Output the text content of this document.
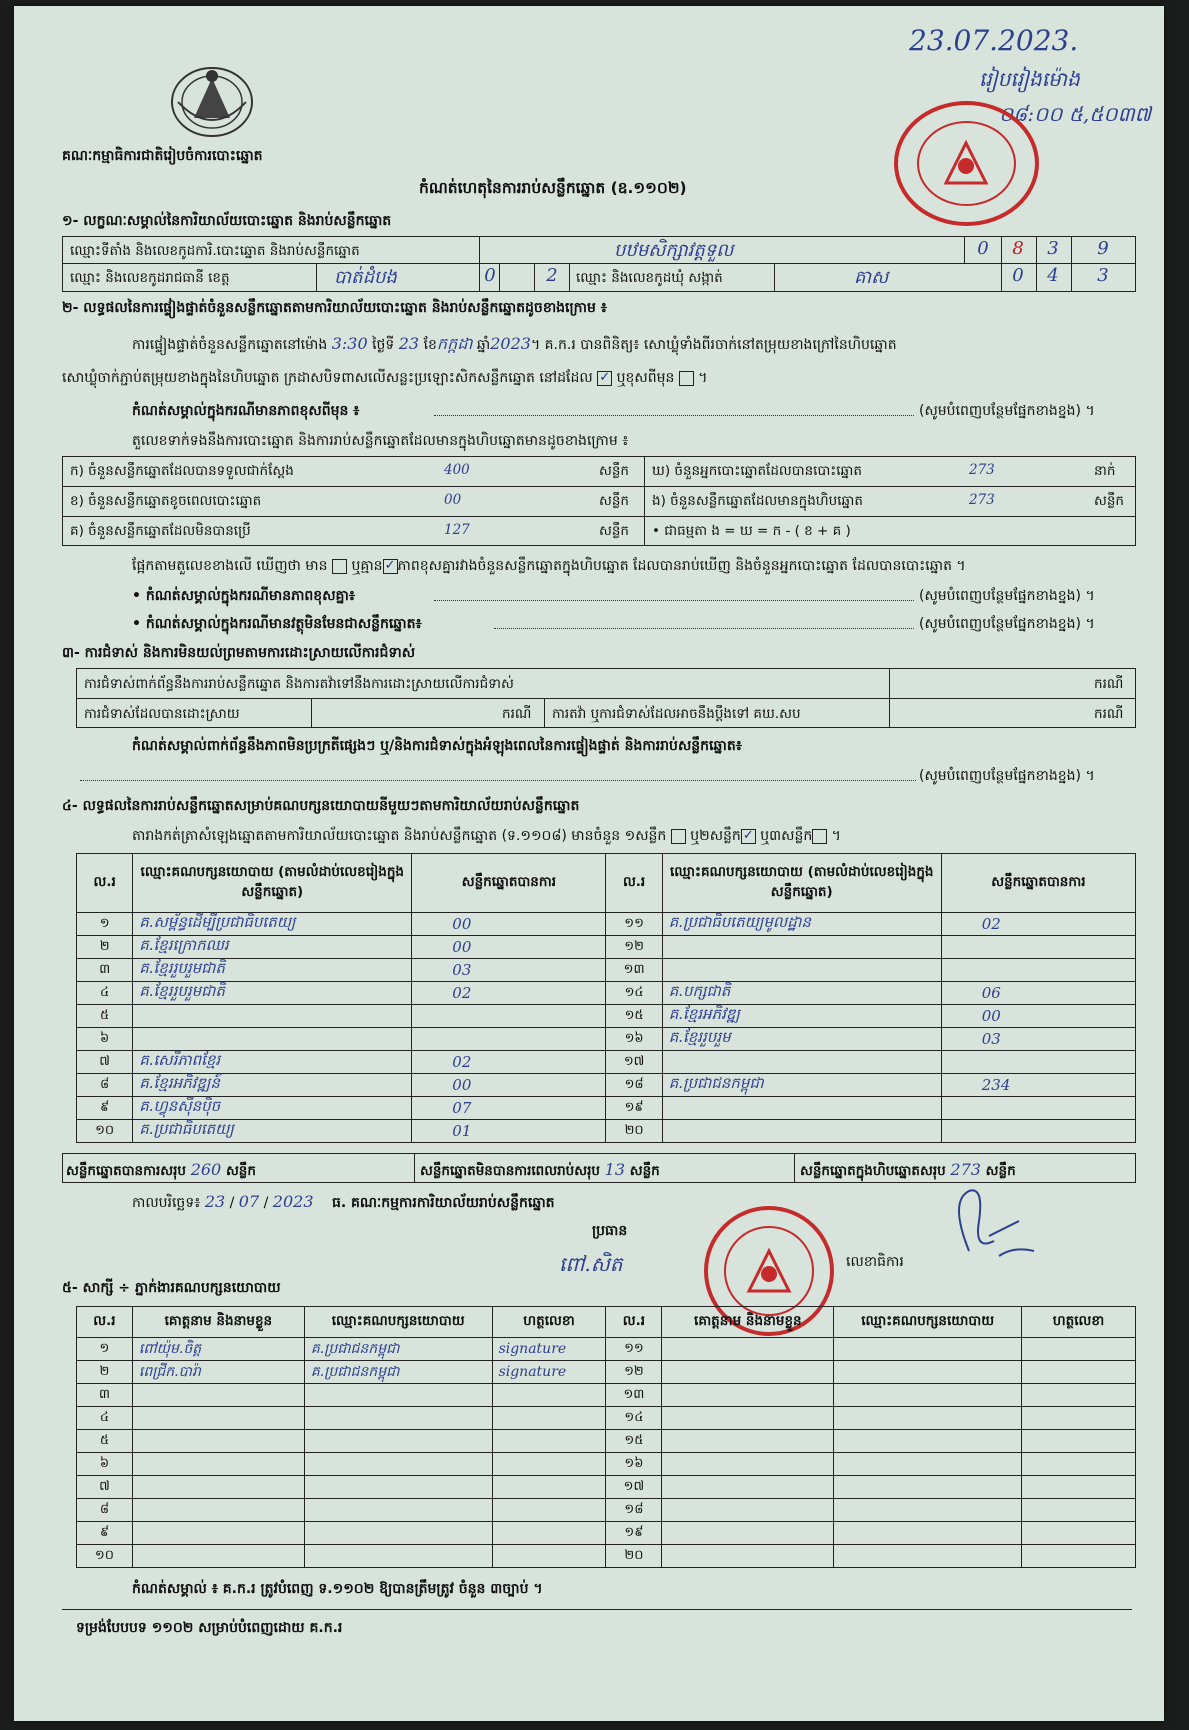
គណៈកម្មាធិការជាតិរៀបចំការបោះឆ្នោត
កំណត់ហេតុនៃការរាប់សន្លឹកឆ្នោត (ឧ.១១០២)
23.07.2023.
រៀបរៀងម៉ោង
០៨:០០ ៥,៥០៣៧
១- លក្ខណៈសម្គាល់នៃការិយាល័យបោះឆ្នោត និងរាប់សន្លឹកឆ្នោត
ឈ្មោះទីតាំង និងលេខកូដការិ.បោះឆ្នោត និងរាប់សន្លឹកឆ្នោត	បឋមសិក្សាវត្តទួល	0	8	3	9
ឈ្មោះ និងលេខកូដរាជធានី ខេត្ត	បាត់ដំបង	0	2	ឈ្មោះ និងលេខកូដឃុំ សង្កាត់	គាស	0	4	3
២- លទ្ធផលនៃការផ្ទៀងផ្ទាត់ចំនួនសន្លឹកឆ្នោតតាមការិយាល័យបោះឆ្នោត និងរាប់សន្លឹកឆ្នោតដូចខាងក្រោម ៖
ការផ្ទៀងផ្ទាត់ចំនួនសន្លឹកឆ្នោតនៅម៉ោង 3:30 ថ្ងៃទី 23 ខែកក្កដា ឆ្នាំ2023។ គ.ក.រ បានពិនិត្យ៖ សោឃ្លុំទាំងពីរចាក់នៅតម្រុយខាងក្រៅនៃហិបឆ្នោត
សោឃ្លុំចាក់ភ្ជាប់តម្រុយខាងក្នុងនៃហិបឆ្នោត ក្រដាសបិទពាសលើសន្លះប្រឡោះសិកសន្លឹកឆ្នោត នៅដដែល ✓ ឬខុសពីមុន  ។
កំណត់សម្គាល់ក្នុងករណីមានភាពខុសពីមុន ៖	(សូមបំពេញបន្ថែមផ្នែកខាងខ្នង) ។
តួលេខទាក់ទងនឹងការបោះឆ្នោត និងការរាប់សន្លឹកឆ្នោតដែលមានក្នុងហិបឆ្នោតមានដូចខាងក្រោម ៖
ផ្អែកតាមតួលេខខាងលើ ឃើញថា មាន ឬគ្មាន ✓ ភាពខុសគ្នារវាងចំនួនសន្លឹកឆ្នោតក្នុងហិបឆ្នោត ដែលបានរាប់ឃើញ និងចំនួនអ្នកបោះឆ្នោត ដែលបានបោះឆ្នោត ។
• កំណត់សម្គាល់ក្នុងករណីមានភាពខុសគ្នា៖	(សូមបំពេញបន្ថែមផ្នែកខាងខ្នង) ។
• កំណត់សម្គាល់ក្នុងករណីមានវត្ថុមិនមែនជាសន្លឹកឆ្នោត៖	(សូមបំពេញបន្ថែមផ្នែកខាងខ្នង) ។
៣- ការជំទាស់ និងការមិនយល់ព្រមតាមការដោះស្រាយលើការជំទាស់
ការជំទាស់ពាក់ព័ន្ធនឹងការរាប់សន្លឹកឆ្នោត និងការតវ៉ាទៅនឹងការដោះស្រាយលើការជំទាស់	ករណី
ការជំទាស់ដែលបានដោះស្រាយ	ករណី ការតវ៉ា ឬការជំទាស់ដែលអាចនឹងប្តឹងទៅ គឃ.សប	ករណី
កំណត់សម្គាល់ពាក់ព័ន្ធនឹងភាពមិនប្រក្រតីផ្សេងៗ ឬ/និងការជំទាស់ក្នុងអំឡុងពេលនៃការផ្ទៀងផ្ទាត់ និងការរាប់សន្លឹកឆ្នោត៖
(សូមបំពេញបន្ថែមផ្នែកខាងខ្នង) ។
៤- លទ្ធផលនៃការរាប់សន្លឹកឆ្នោតសម្រាប់គណបក្សនយោបាយនីមួយៗតាមការិយាល័យរាប់សន្លឹកឆ្នោត
តារាងកត់ត្រាសំឡេងឆ្នោតតាមការិយាល័យបោះឆ្នោត និងរាប់សន្លឹកឆ្នោត (ទ.១១០៨) មានចំនួន ១សន្លឹក ឬ២សន្លឹក ✓ ឬ៣សន្លឹក ។
ល.រ	ឈ្មោះគណបក្សនយោបាយ (តាមលំដាប់លេខរៀងក្នុងសន្លឹកឆ្នោត)	សន្លឹកឆ្នោតបានការ	ល.រ	ឈ្មោះគណបក្សនយោបាយ (តាមលំដាប់លេខរៀងក្នុងសន្លឹកឆ្នោត)	សន្លឹកឆ្នោតបានការ
១	គ.សម្ព័ន្ធដើម្បីប្រជាធិបតេយ្យ	00	១១	គ.ប្រជាធិបតេយ្យមូលដ្ឋាន	02
២	គ.ខ្មែរក្រោកឈរ	00	១២		
៣	គ.ខ្មែររួបរួមជាតិ	03	១៣		
៤	គ.ខ្មែររួបរួមជាតិ	02	១៤	គ.បក្សជាតិ	06
៥			១៥	គ.ខ្មែរអភិវឌ្ឍ	00
៦			១៦	គ.ខ្មែររួបរួម	03
៧	គ.សេរីភាពខ្មែរ	02	១៧		
៨	គ.ខ្មែរអភិវឌ្ឍន៍	00	១៨	គ.ប្រជាជនកម្ពុជា	234
៩	គ.ហ្វុនស៊ីនប៉ិច	07	១៩		
១០	គ.ប្រជាធិបតេយ្យ	01	២០		
សន្លឹកឆ្នោតបានការសរុប 260 សន្លឹក	សន្លឹកឆ្នោតមិនបានការពេលរាប់សរុប 13 សន្លឹក	សន្លឹកឆ្នោតក្នុងហិបឆ្នោតសរុប 273 សន្លឹក
កាលបរិច្ឆេទ៖ 23 / 07 / 2023 ធ. គណៈកម្មការការិយាល័យរាប់សន្លឹកឆ្នោត
ប្រធាន
ពៅ.សិត	លេខាធិការ
៥- សាក្សី ÷ ភ្នាក់ងារគណបក្សនយោបាយ
ល.រ	គោត្តនាម និងនាមខ្លួន	ឈ្មោះគណបក្សនយោបាយ	ហត្ថលេខា	ល.រ	គោត្តនាម និងនាមខ្លួន	ឈ្មោះគណបក្សនយោបាយ	ហត្ថលេខា
១	ពៅយ៉ុម.ចិត្ត	គ.ប្រជាជនកម្ពុជា	signature	១១			
២	ពេជ្រីក.បារ៉ា	គ.ប្រជាជនកម្ពុជា	signature	១២			
៣				១៣			
៤				១៤			
៥				១៥			
៦				១៦			
៧				១៧			
៨				១៨			
៩				១៩			
១០				២០			
កំណត់សម្គាល់ ៖ គ.ក.រ ត្រូវបំពេញ ទ.១១០២ ឱ្យបានត្រឹមត្រូវ ចំនួន ៣ច្បាប់ ។
ទម្រង់បែបបទ ១១០២ សម្រាប់បំពេញដោយ គ.ក.រ
ក) ចំនួនសន្លឹកឆ្នោតដែលបានទទួលជាក់ស្តែង	400	សន្លឹក ឃ) ចំនួនអ្នកបោះឆ្នោតដែលបានបោះឆ្នោត	273	នាក់
ខ) ចំនួនសន្លឹកឆ្នោតខូចពេលបោះឆ្នោត	00	សន្លឹក ង) ចំនួនសន្លឹកឆ្នោតដែលមានក្នុងហិបឆ្នោត	273	សន្លឹក
គ) ចំនួនសន្លឹកឆ្នោតដែលមិនបានប្រើ	127	សន្លឹក • ជាធម្មតា ង = ឃ = ក - ( ខ + គ )
